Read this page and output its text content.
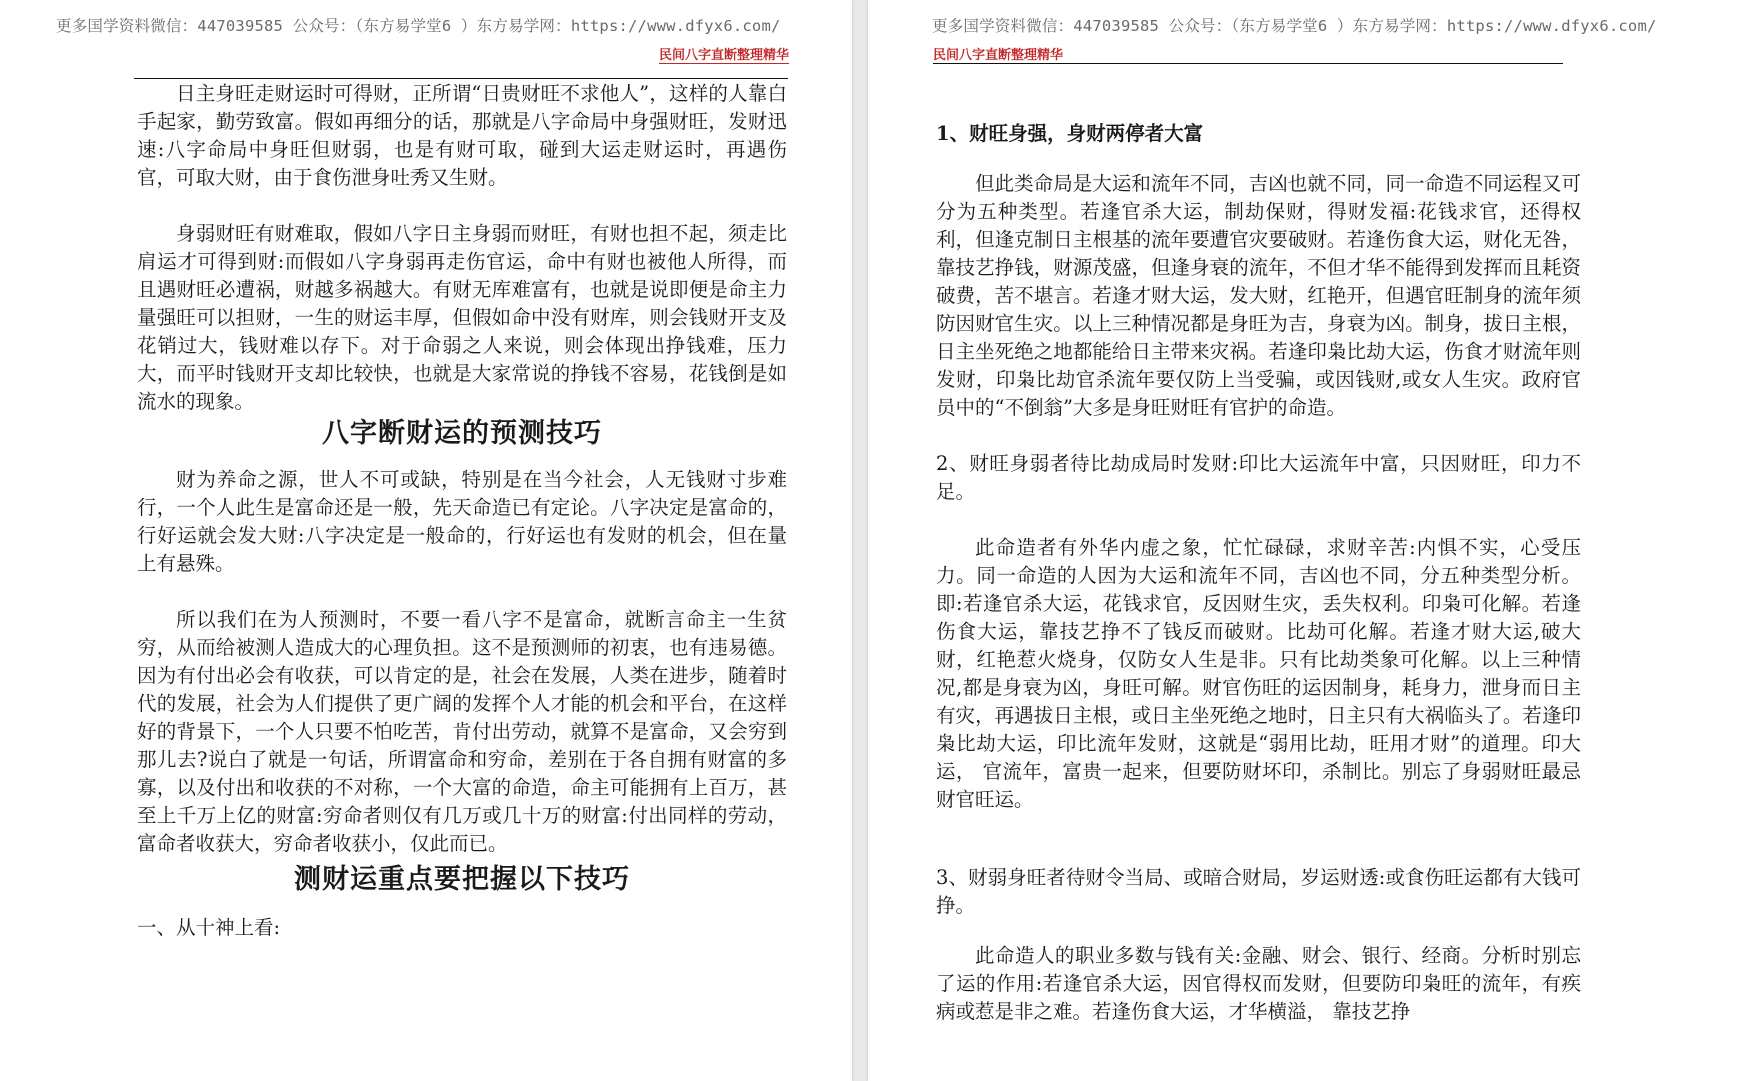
更多国学资料微信：447039585 公众号：（东方易学堂6 ）东方易学网：https://www.dfyx6.com/
民间八字直断整理精华

日主身旺走财运时可得财，正所谓“日贵财旺不求他人”，这样的人靠白手起家，勤劳致富。假如再细分的话，那就是八字命局中身强财旺，发财迅速:八字命局中身旺但财弱，也是有财可取，碰到大运走财运时，再遇伤官，可取大财，由于食伤泄身吐秀又生财。

身弱财旺有财难取，假如八字日主身弱而财旺，有财也担不起，须走比肩运才可得到财:而假如八字身弱再走伤官运，命中有财也被他人所得，而且遇财旺必遭祸，财越多祸越大。有财无库难富有，也就是说即便是命主力量强旺可以担财，一生的财运丰厚，但假如命中没有财库，则会钱财开支及花销过大，钱财难以存下。对于命弱之人来说，则会体现出挣钱难，压力大，而平时钱财开支却比较快，也就是大家常说的挣钱不容易，花钱倒是如流水的现象。

八字断财运的预测技巧

财为养命之源，世人不可或缺，特别是在当今社会，人无钱财寸步难行，一个人此生是富命还是一般，先天命造已有定论。八字决定是富命的，行好运就会发大财:八字决定是一般命的，行好运也有发财的机会，但在量上有悬殊。

所以我们在为人预测时，不要一看八字不是富命，就断言命主一生贫穷，从而给被测人造成大的心理负担。这不是预测师的初衷，也有违易德。因为有付出必会有收获，可以肯定的是，社会在发展，人类在进步，随着时代的发展，社会为人们提供了更广阔的发挥个人才能的机会和平台，在这样好的背景下，一个人只要不怕吃苦，肯付出劳动，就算不是富命，又会穷到那儿去?说白了就是一句话，所谓富命和穷命，差别在于各自拥有财富的多寡，以及付出和收获的不对称，一个大富的命造，命主可能拥有上百万，甚至上千万上亿的财富:穷命者则仅有几万或几十万的财富:付出同样的劳动，富命者收获大，穷命者收获小，仅此而已。

测财运重点要把握以下技巧

一、从十神上看:

更多国学资料微信：447039585 公众号：（东方易学堂6 ）东方易学网：https://www.dfyx6.com/
民间八字直断整理精华

1、财旺身强，身财两停者大富

但此类命局是大运和流年不同，吉凶也就不同，同一命造不同运程又可分为五种类型。若逢官杀大运，制劫保财，得财发福:花钱求官，还得权利，但逢克制日主根基的流年要遭官灾要破财。若逢伤食大运，财化无咎，靠技艺挣钱，财源茂盛，但逢身衰的流年，不但才华不能得到发挥而且耗资破费，苦不堪言。若逢才财大运，发大财，红艳开，但遇官旺制身的流年须防因财官生灾。以上三种情况都是身旺为吉，身衰为凶。制身，拔日主根，日主坐死绝之地都能给日主带来灾祸。若逢印枭比劫大运，伤食才财流年则发财，印枭比劫官杀流年要仅防上当受骗，或因钱财,或女人生灾。政府官员中的“不倒翁”大多是身旺财旺有官护的命造。

2、财旺身弱者待比劫成局时发财:印比大运流年中富，只因财旺，印力不足。

此命造者有外华内虚之象，忙忙碌碌，求财辛苦:内惧不实，心受压力。同一命造的人因为大运和流年不同，吉凶也不同，分五种类型分析。即:若逢官杀大运，花钱求官，反因财生灾，丢失权利。印枭可化解。若逢伤食大运，靠技艺挣不了钱反而破财。比劫可化解。若逢才财大运,破大财，红艳惹火烧身，仅防女人生是非。只有比劫类象可化解。以上三种情况,都是身衰为凶，身旺可解。财官伤旺的运因制身，耗身力，泄身而日主有灾，再遇拔日主根，或日主坐死绝之地时，日主只有大祸临头了。若逢印枭比劫大运，印比流年发财，这就是“弱用比劫，旺用才财”的道理。印大运， 官流年，富贵一起来，但要防财坏印，杀制比。别忘了身弱财旺最忌财官旺运。

3、财弱身旺者待财令当局、或暗合财局，岁运财透:或食伤旺运都有大钱可挣。

此命造人的职业多数与钱有关:金融、财会、银行、经商。分析时别忘了运的作用:若逢官杀大运，因官得权而发财，但要防印枭旺的流年，有疾病或惹是非之难。若逢伤食大运，才华横溢， 靠技艺挣
